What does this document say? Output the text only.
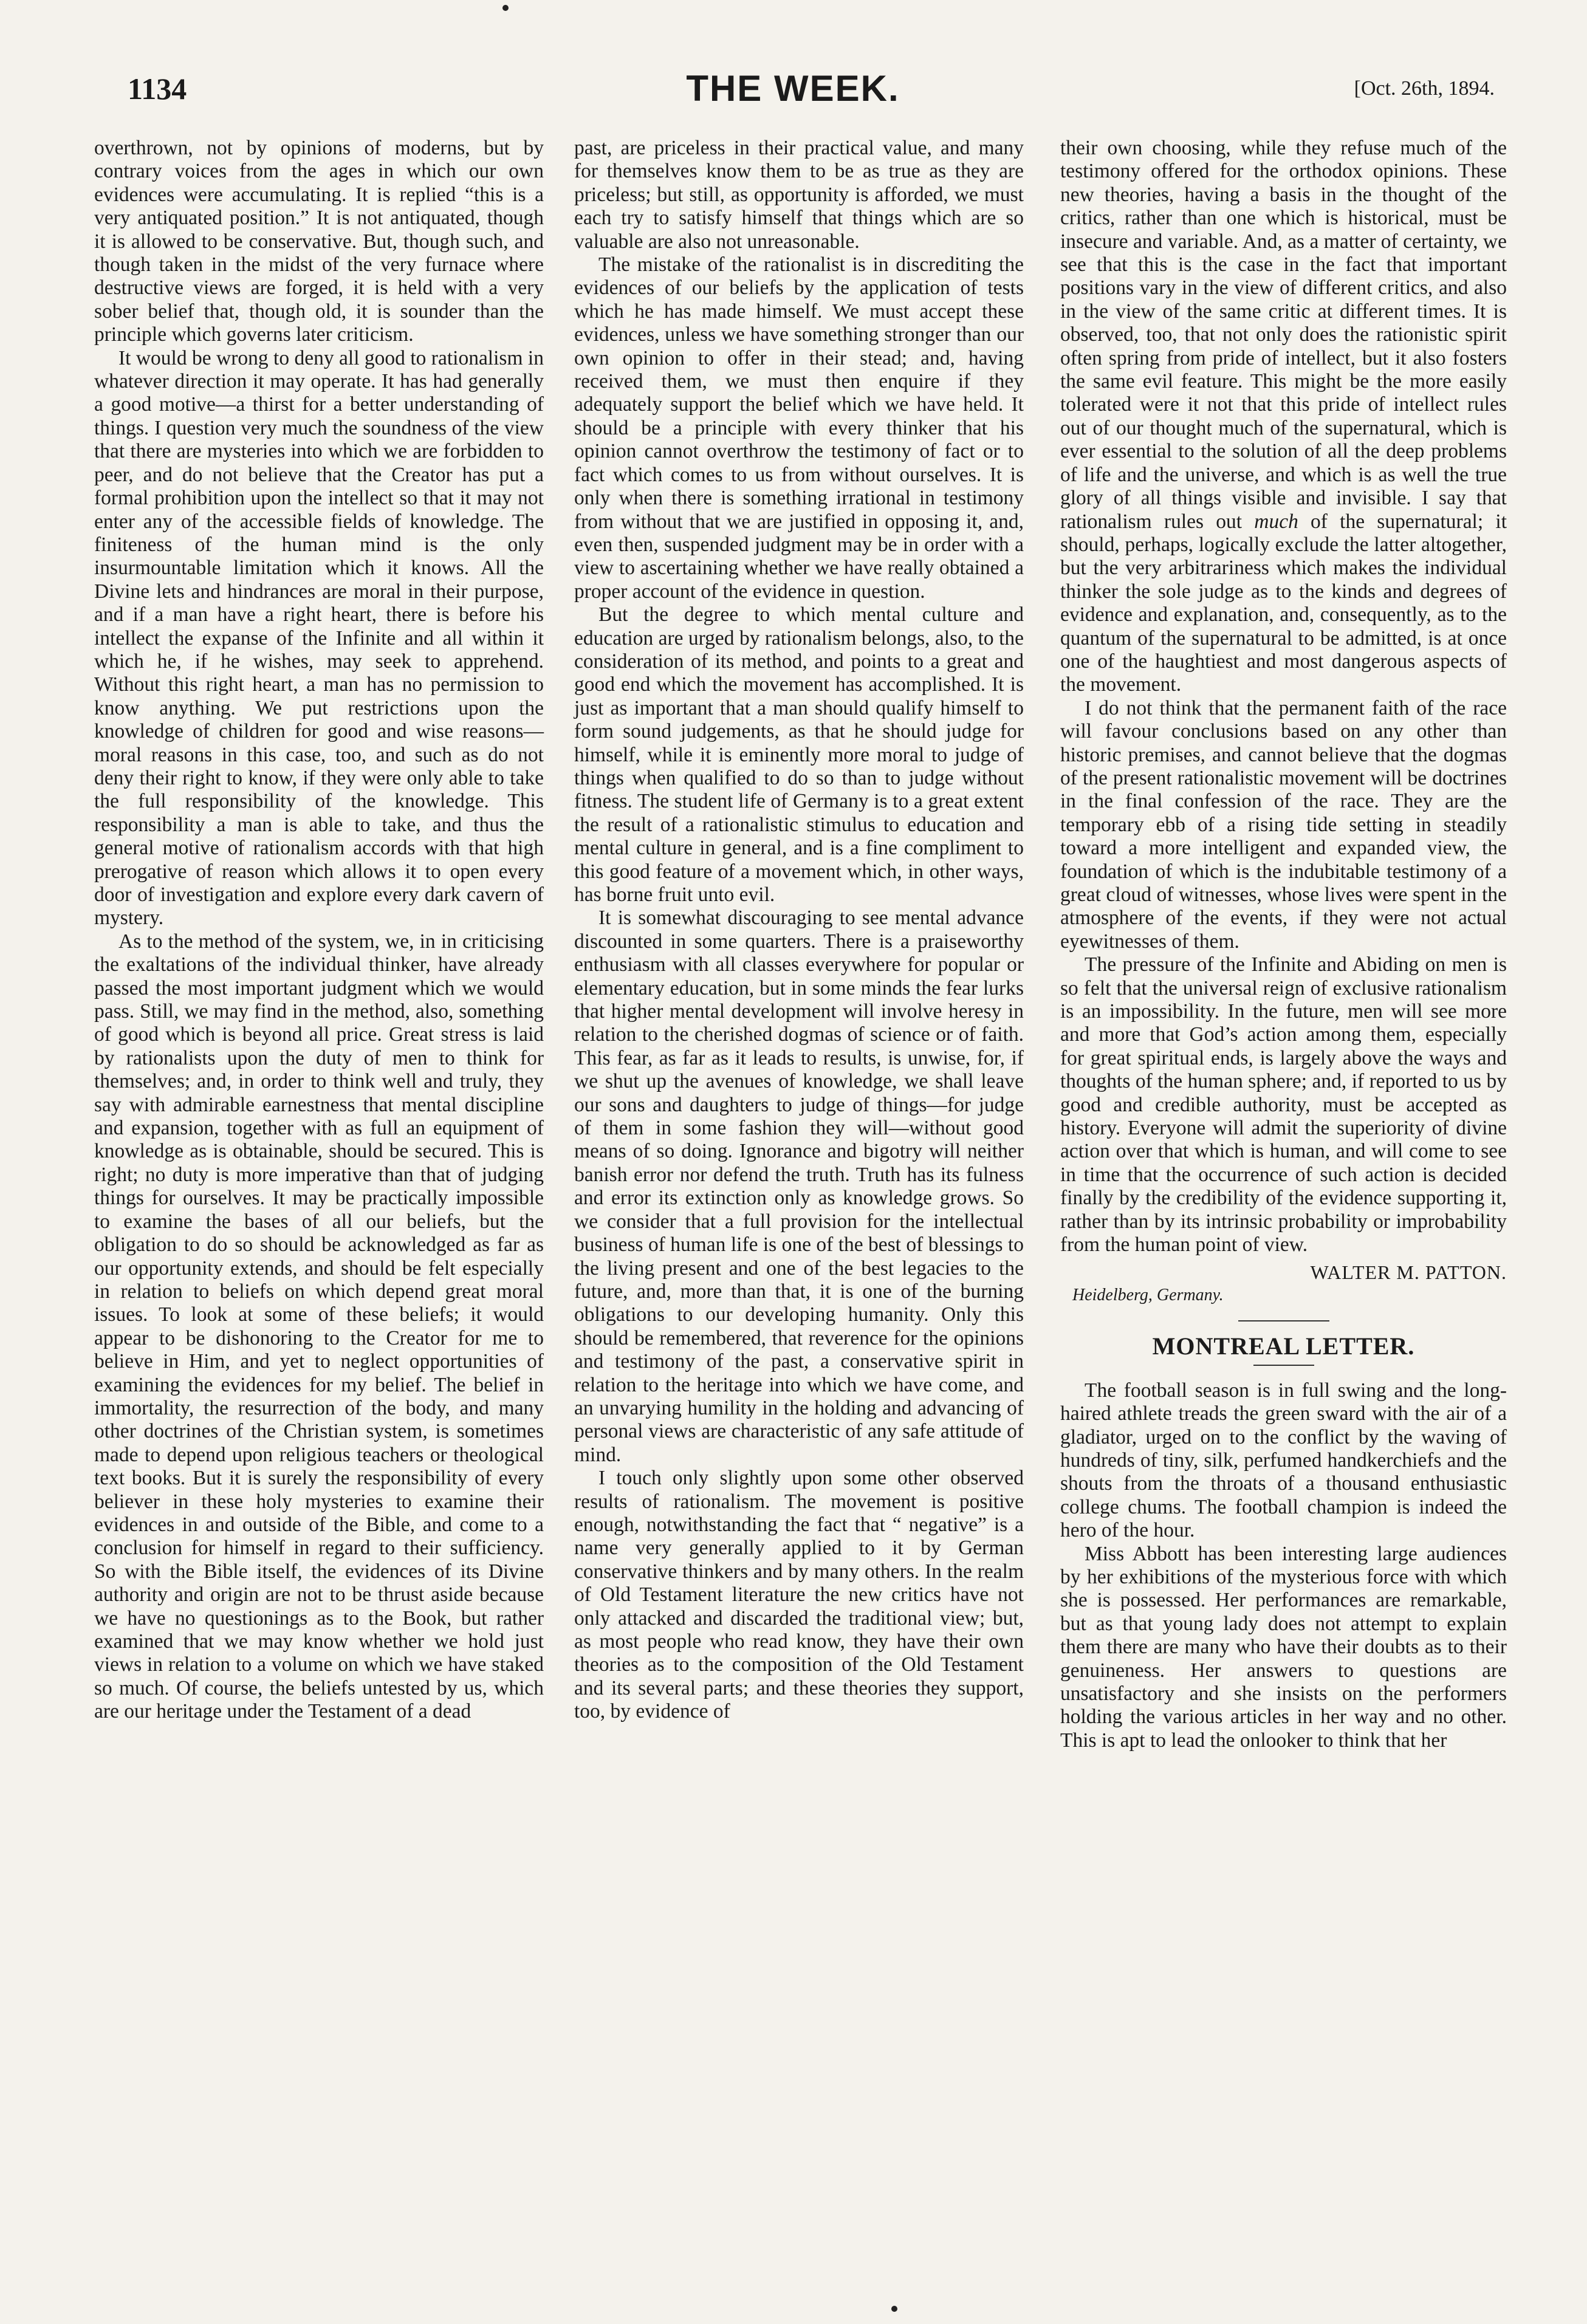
1134	THE WEEK.	[Oct. 26th, 1894.

overthrown, not by opinions of moderns, but by contrary voices from the ages in which our own evidences were accumulating. It is replied “this is a very antiquated position.” It is not antiquated, though it is allowed to be conservative. But, though such, and though taken in the midst of the very furnace where destructive views are forged, it is held with a very sober belief that, though old, it is sounder than the principle which governs later criticism.

It would be wrong to deny all good to rationalism in whatever direction it may operate. It has had generally a good motive—a thirst for a better understanding of things. I question very much the soundness of the view that there are mysteries into which we are forbidden to peer, and do not believe that the Creator has put a formal prohibition upon the intellect so that it may not enter any of the accessible fields of knowledge. The finiteness of the human mind is the only insurmountable limitation which it knows. All the Divine lets and hindrances are moral in their purpose, and if a man have a right heart, there is before his intellect the expanse of the Infinite and all within it which he, if he wishes, may seek to apprehend. Without this right heart, a man has no permission to know anything. We put restrictions upon the knowledge of children for good and wise reasons—moral reasons in this case, too, and such as do not deny their right to know, if they were only able to take the full responsibility of the knowledge. This responsibility a man is able to take, and thus the general motive of rationalism accords with that high prerogative of reason which allows it to open every door of investigation and explore every dark cavern of mystery.

As to the method of the system, we, in in criticising the exaltations of the individual thinker, have already passed the most important judgment which we would pass. Still, we may find in the method, also, something of good which is beyond all price. Great stress is laid by rationalists upon the duty of men to think for themselves; and, in order to think well and truly, they say with admirable earnestness that mental discipline and expansion, together with as full an equipment of knowledge as is obtainable, should be secured. This is right; no duty is more imperative than that of judging things for ourselves. It may be practically impossible to examine the bases of all our beliefs, but the obligation to do so should be acknowledged as far as our opportunity extends, and should be felt especially in relation to beliefs on which depend great moral issues. To look at some of these beliefs; it would appear to be dishonoring to the Creator for me to believe in Him, and yet to neglect opportunities of examining the evidences for my belief. The belief in immortality, the resurrection of the body, and many other doctrines of the Christian system, is sometimes made to depend upon religious teachers or theological text books. But it is surely the responsibility of every believer in these holy mysteries to examine their evidences in and outside of the Bible, and come to a conclusion for himself in regard to their sufficiency. So with the Bible itself, the evidences of its Divine authority and origin are not to be thrust aside because we have no questionings as to the Book, but rather examined that we may know whether we hold just views in relation to a volume on which we have staked so much. Of course, the beliefs untested by us, which are our heritage under the Testament of a dead

past, are priceless in their practical value, and many for themselves know them to be as true as they are priceless; but still, as opportunity is afforded, we must each try to satisfy himself that things which are so valuable are also not unreasonable.

The mistake of the rationalist is in discrediting the evidences of our beliefs by the application of tests which he has made himself. We must accept these evidences, unless we have something stronger than our own opinion to offer in their stead; and, having received them, we must then enquire if they adequately support the belief which we have held. It should be a principle with every thinker that his opinion cannot overthrow the testimony of fact or to fact which comes to us from without ourselves. It is only when there is something irrational in testimony from without that we are justified in opposing it, and, even then, suspended judgment may be in order with a view to ascertaining whether we have really obtained a proper account of the evidence in question.

But the degree to which mental culture and education are urged by rationalism belongs, also, to the consideration of its method, and points to a great and good end which the movement has accomplished. It is just as important that a man should qualify himself to form sound judgements, as that he should judge for himself, while it is eminently more moral to judge of things when qualified to do so than to judge without fitness. The student life of Germany is to a great extent the result of a rationalistic stimulus to education and mental culture in general, and is a fine compliment to this good feature of a movement which, in other ways, has borne fruit unto evil.

It is somewhat discouraging to see mental advance discounted in some quarters. There is a praiseworthy enthusiasm with all classes everywhere for popular or elementary education, but in some minds the fear lurks that higher mental development will involve heresy in relation to the cherished dogmas of science or of faith. This fear, as far as it leads to results, is unwise, for, if we shut up the avenues of knowledge, we shall leave our sons and daughters to judge of things—for judge of them in some fashion they will—without good means of so doing. Ignorance and bigotry will neither banish error nor defend the truth. Truth has its fulness and error its extinction only as knowledge grows. So we consider that a full provision for the intellectual business of human life is one of the best of blessings to the living present and one of the best legacies to the future, and, more than that, it is one of the burning obligations to our developing humanity. Only this should be remembered, that reverence for the opinions and testimony of the past, a conservative spirit in relation to the heritage into which we have come, and an unvarying humility in the holding and advancing of personal views are characteristic of any safe attitude of mind.

I touch only slightly upon some other observed results of rationalism. The movement is positive enough, notwithstanding the fact that “ negative” is a name very generally applied to it by German conservative thinkers and by many others. In the realm of Old Testament literature the new critics have not only attacked and discarded the traditional view; but, as most people who read know, they have their own theories as to the composition of the Old Testament and its several parts; and these theories they support, too, by evidence of

their own choosing, while they refuse much of the testimony offered for the orthodox opinions. These new theories, having a basis in the thought of the critics, rather than one which is historical, must be insecure and variable. And, as a matter of certainty, we see that this is the case in the fact that important positions vary in the view of different critics, and also in the view of the same critic at different times. It is observed, too, that not only does the rationistic spirit often spring from pride of intellect, but it also fosters the same evil feature. This might be the more easily tolerated were it not that this pride of intellect rules out of our thought much of the supernatural, which is ever essential to the solution of all the deep problems of life and the universe, and which is as well the true glory of all things visible and invisible. I say that rationalism rules out much of the supernatural; it should, perhaps, logically exclude the latter altogether, but the very arbitrariness which makes the individual thinker the sole judge as to the kinds and degrees of evidence and explanation, and, consequently, as to the quantum of the supernatural to be admitted, is at once one of the haughtiest and most dangerous aspects of the movement.

I do not think that the permanent faith of the race will favour conclusions based on any other than historic premises, and cannot believe that the dogmas of the present rationalistic movement will be doctrines in the final confession of the race. They are the temporary ebb of a rising tide setting in steadily toward a more intelligent and expanded view, the foundation of which is the indubitable testimony of a great cloud of witnesses, whose lives were spent in the atmosphere of the events, if they were not actual eyewitnesses of them.

The pressure of the Infinite and Abiding on men is so felt that the universal reign of exclusive rationalism is an impossibility. In the future, men will see more and more that God’s action among them, especially for great spiritual ends, is largely above the ways and thoughts of the human sphere; and, if reported to us by good and credible authority, must be accepted as history. Everyone will admit the superiority of divine action over that which is human, and will come to see in time that the occurrence of such action is decided finally by the credibility of the evidence supporting it, rather than by its intrinsic probability or improbability from the human point of view.

WALTER M. PATTON.
Heidelberg, Germany.
MONTREAL LETTER.

The football season is in full swing and the long-haired athlete treads the green sward with the air of a gladiator, urged on to the conflict by the waving of hundreds of tiny, silk, perfumed handkerchiefs and the shouts from the throats of a thousand enthusiastic college chums. The football champion is indeed the hero of the hour.

Miss Abbott has been interesting large audiences by her exhibitions of the mysterious force with which she is possessed. Her performances are remarkable, but as that young lady does not attempt to explain them there are many who have their doubts as to their genuineness. Her answers to questions are unsatisfactory and she insists on the performers holding the various articles in her way and no other. This is apt to lead the onlooker to think that her
